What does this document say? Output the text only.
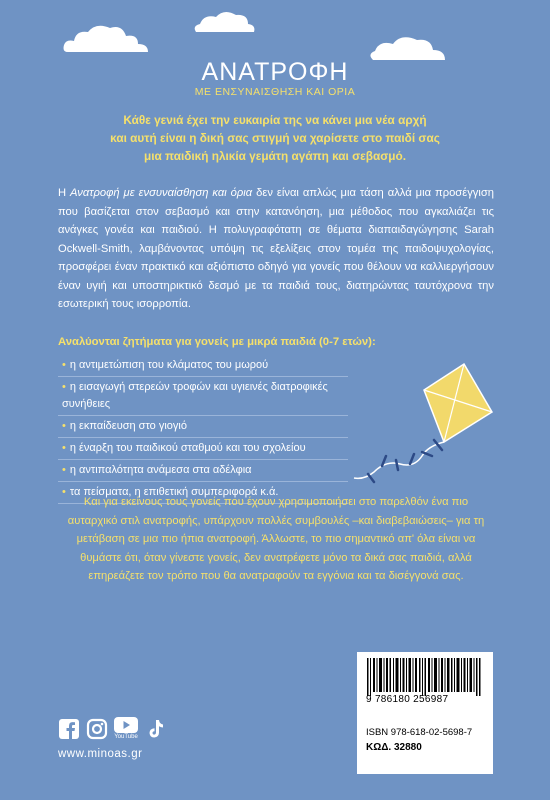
ΑΝΑΤΡΟΦΗ
ΜΕ ΕΝΣΥΝΑΙΣΘΗΣΗ ΚΑΙ ΟΡΙΑ
Κάθε γενιά έχει την ευκαιρία της να κάνει μια νέα αρχή
και αυτή είναι η δική σας στιγμή να χαρίσετε στο παιδί σας
μια παιδική ηλικία γεμάτη αγάπη και σεβασμό.
Η Ανατροφή με ενσυναίσθηση και όρια δεν είναι απλώς μια τάση αλλά μια προσέγγιση που βασίζεται στον σεβασμό και στην κατανόηση, μια μέθοδος που αγκαλιάζει τις ανάγκες γονέα και παιδιού. Η πολυγραφότατη σε θέματα διαπαιδαγώγησης Sarah Ockwell-Smith, λαμβάνοντας υπόψη τις εξελίξεις στον τομέα της παιδοψυχολογίας, προσφέρει έναν πρακτικό και αξιόπιστο οδηγό για γονείς που θέλουν να καλλιεργήσουν έναν υγιή και υποστηρικτικό δεσμό με τα παιδιά τους, διατηρώντας ταυτόχρονα την εσωτερική τους ισορροπία.
Αναλύονται ζητήματα για γονείς με μικρά παιδιά (0-7 ετών):
• η αντιμετώπιση του κλάματος του μωρού
• η εισαγωγή στερεών τροφών και υγιεινές διατροφικές συνήθειες
• η εκπαίδευση στο γιογιό
• η έναρξη του παιδικού σταθμού και του σχολείου
• η αντιπαλότητα ανάμεσα στα αδέλφια
• τα πείσματα, η επιθετική συμπεριφορά κ.ά.
Και για εκείνους τους γονείς που έχουν χρησιμοποιήσει στο παρελθόν ένα πιο αυταρχικό στιλ ανατροφής, υπάρχουν πολλές συμβουλές –και διαβεβαιώσεις– για τη μετάβαση σε μια πιο ήπια ανατροφή. Άλλωστε, το πιο σημαντικό απ' όλα είναι να θυμάστε ότι, όταν γίνεστε γονείς, δεν ανατρέφετε μόνο τα δικά σας παιδιά, αλλά επηρεάζετε τον τρόπο που θα ανατραφούν τα εγγόνια και τα δισέγγονά σας.
YouTube
www.minoas.gr
9 786180 256987
ISBN 978-618-02-5698-7
ΚΩΔ. 32880
